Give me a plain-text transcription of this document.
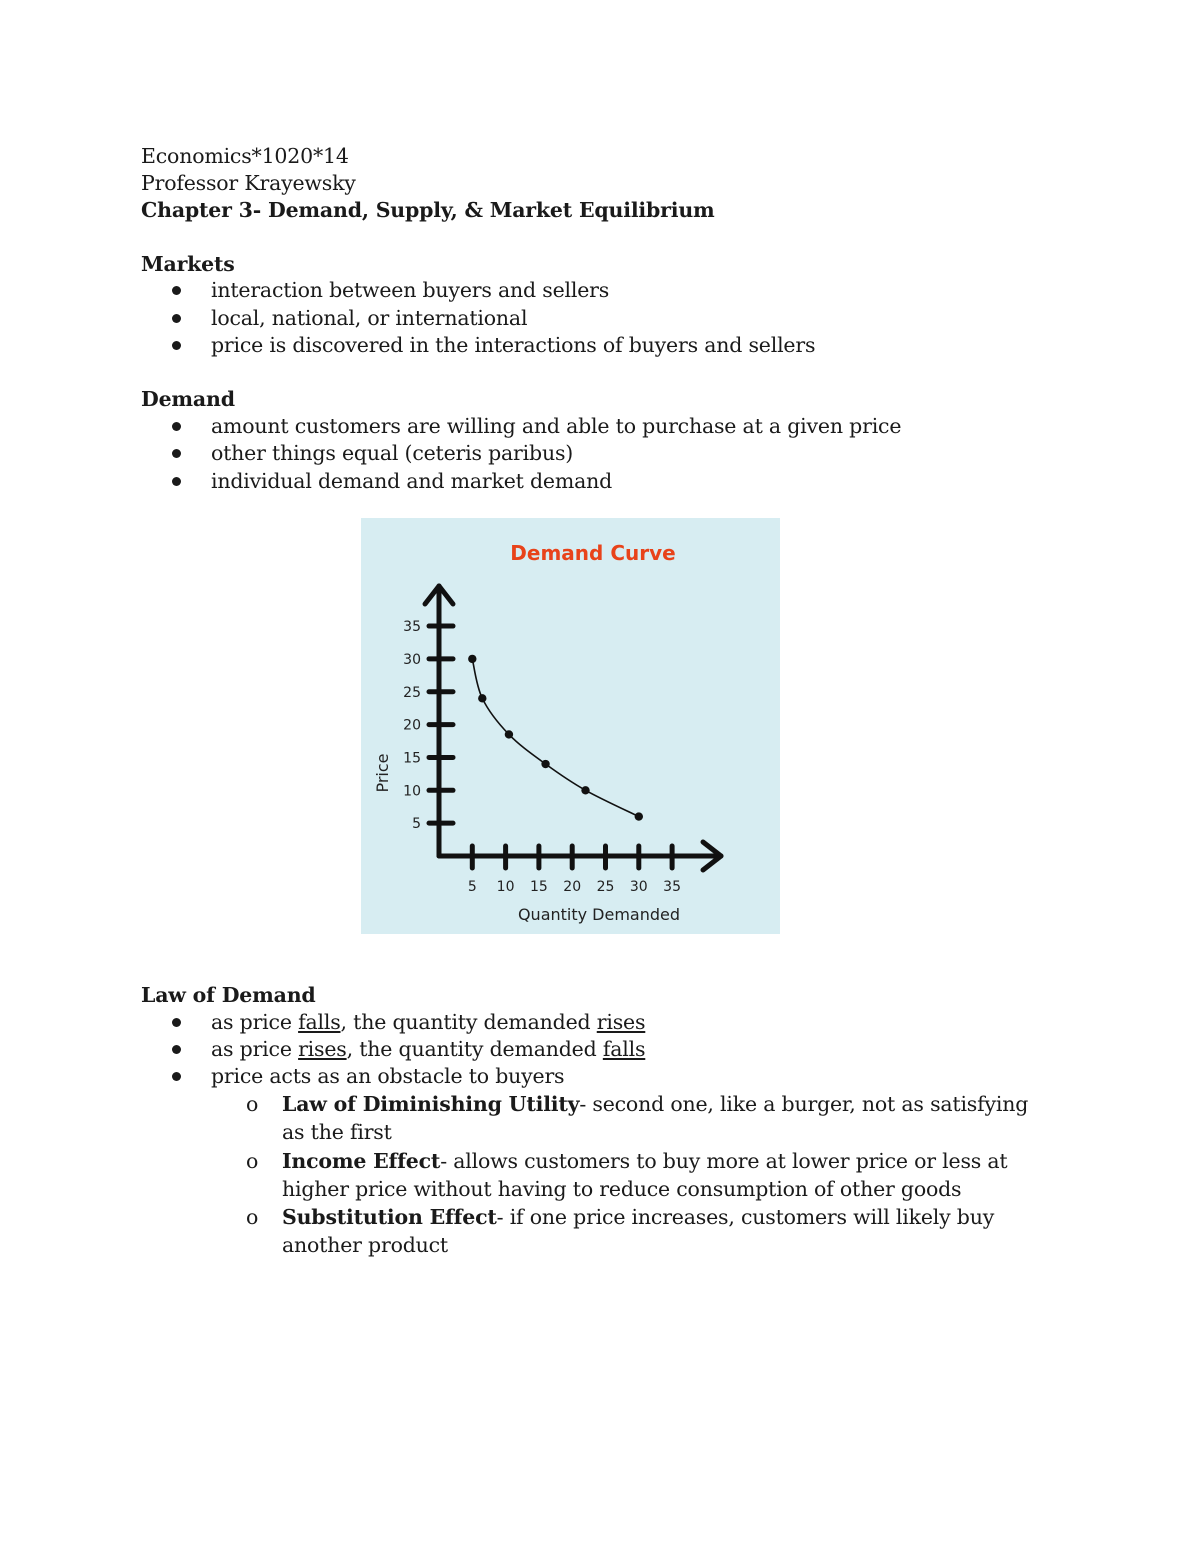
Economics*1020*14
Professor Krayewsky
Chapter 3- Demand, Supply, & Market Equilibrium
Markets
interaction between buyers and sellers
local, national, or international
price is discovered in the interactions of buyers and sellers
Demand
amount customers are willing and able to purchase at a given price
other things equal (ceteris paribus)
individual demand and market demand
Demand Curve
5
10
15
20
25
30
35
5 10 15 20 25 30 35
Quantity Demanded
Price
Law of Demand
as price falls, the quantity demanded rises
as price rises, the quantity demanded falls
price acts as an obstacle to buyers
o Law of Diminishing Utility- second one, like a burger, not as satisfying as the first
o Income Effect- allows customers to buy more at lower price or less at higher price without having to reduce consumption of other goods
o Substitution Effect- if one price increases, customers will likely buy another product
